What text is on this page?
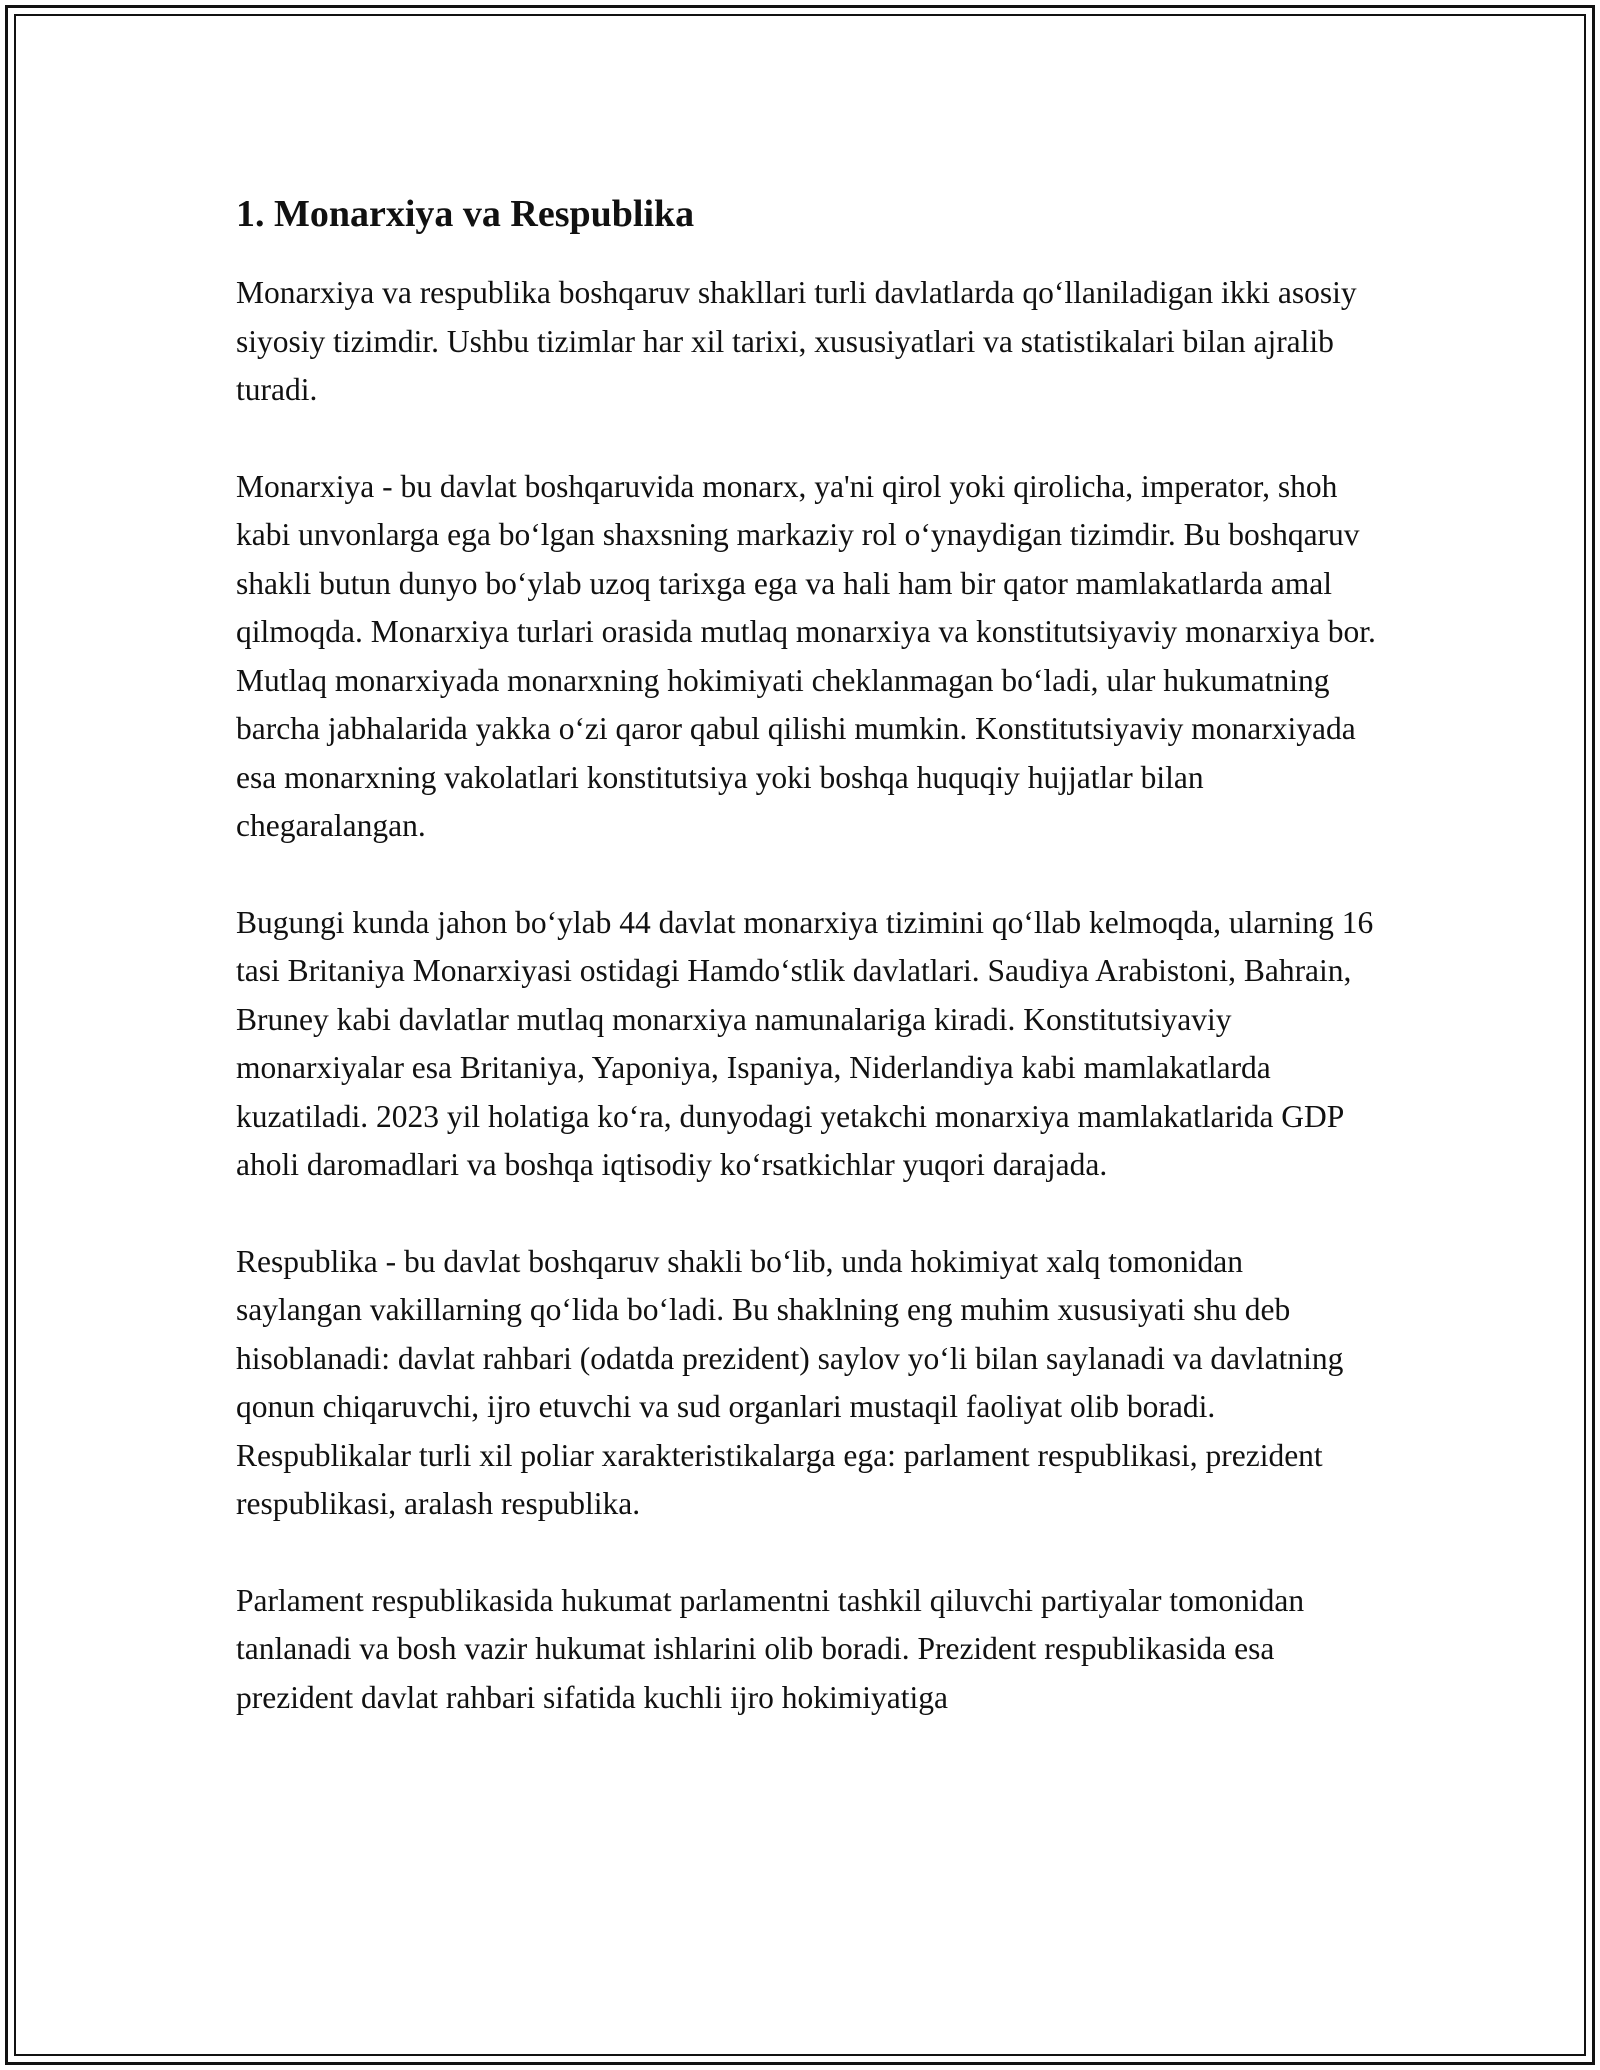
1. Monarxiya va Respublika

Monarxiya va respublika boshqaruv shakllari turli davlatlarda qo‘llaniladigan ikki asosiy siyosiy tizimdir. Ushbu tizimlar har xil tarixi, xususiyatlari va statistikalari bilan ajralib turadi.

Monarxiya - bu davlat boshqaruvida monarx, ya'ni qirol yoki qirolicha, imperator, shoh kabi unvonlarga ega bo‘lgan shaxsning markaziy rol o‘ynaydigan tizimdir. Bu boshqaruv shakli butun dunyo bo‘ylab uzoq tarixga ega va hali ham bir qator mamlakatlarda amal qilmoqda. Monarxiya turlari orasida mutlaq monarxiya va konstitutsiyaviy monarxiya bor. Mutlaq monarxiyada monarxning hokimiyati cheklanmagan bo‘ladi, ular hukumatning barcha jabhalarida yakka o‘zi qaror qabul qilishi mumkin. Konstitutsiyaviy monarxiyada esa monarxning vakolatlari konstitutsiya yoki boshqa huquqiy hujjatlar bilan chegaralangan.

Bugungi kunda jahon bo‘ylab 44 davlat monarxiya tizimini qo‘llab kelmoqda, ularning 16 tasi Britaniya Monarxiyasi ostidagi Hamdo‘stlik davlatlari. Saudiya Arabistoni, Bahrain, Bruney kabi davlatlar mutlaq monarxiya namunalariga kiradi. Konstitutsiyaviy monarxiyalar esa Britaniya, Yaponiya, Ispaniya, Niderlandiya kabi mamlakatlarda kuzatiladi. 2023 yil holatiga ko‘ra, dunyodagi yetakchi monarxiya mamlakatlarida GDP aholi daromadlari va boshqa iqtisodiy ko‘rsatkichlar yuqori darajada.

Respublika - bu davlat boshqaruv shakli bo‘lib, unda hokimiyat xalq tomonidan saylangan vakillarning qo‘lida bo‘ladi. Bu shaklning eng muhim xususiyati shu deb hisoblanadi: davlat rahbari (odatda prezident) saylov yo‘li bilan saylanadi va davlatning qonun chiqaruvchi, ijro etuvchi va sud organlari mustaqil faoliyat olib boradi. Respublikalar turli xil poliar xarakteristikalarga ega: parlament respublikasi, prezident respublikasi, aralash respublika.

Parlament respublikasida hukumat parlamentni tashkil qiluvchi partiyalar tomonidan tanlanadi va bosh vazir hukumat ishlarini olib boradi. Prezident respublikasida esa prezident davlat rahbari sifatida kuchli ijro hokimiyatiga
